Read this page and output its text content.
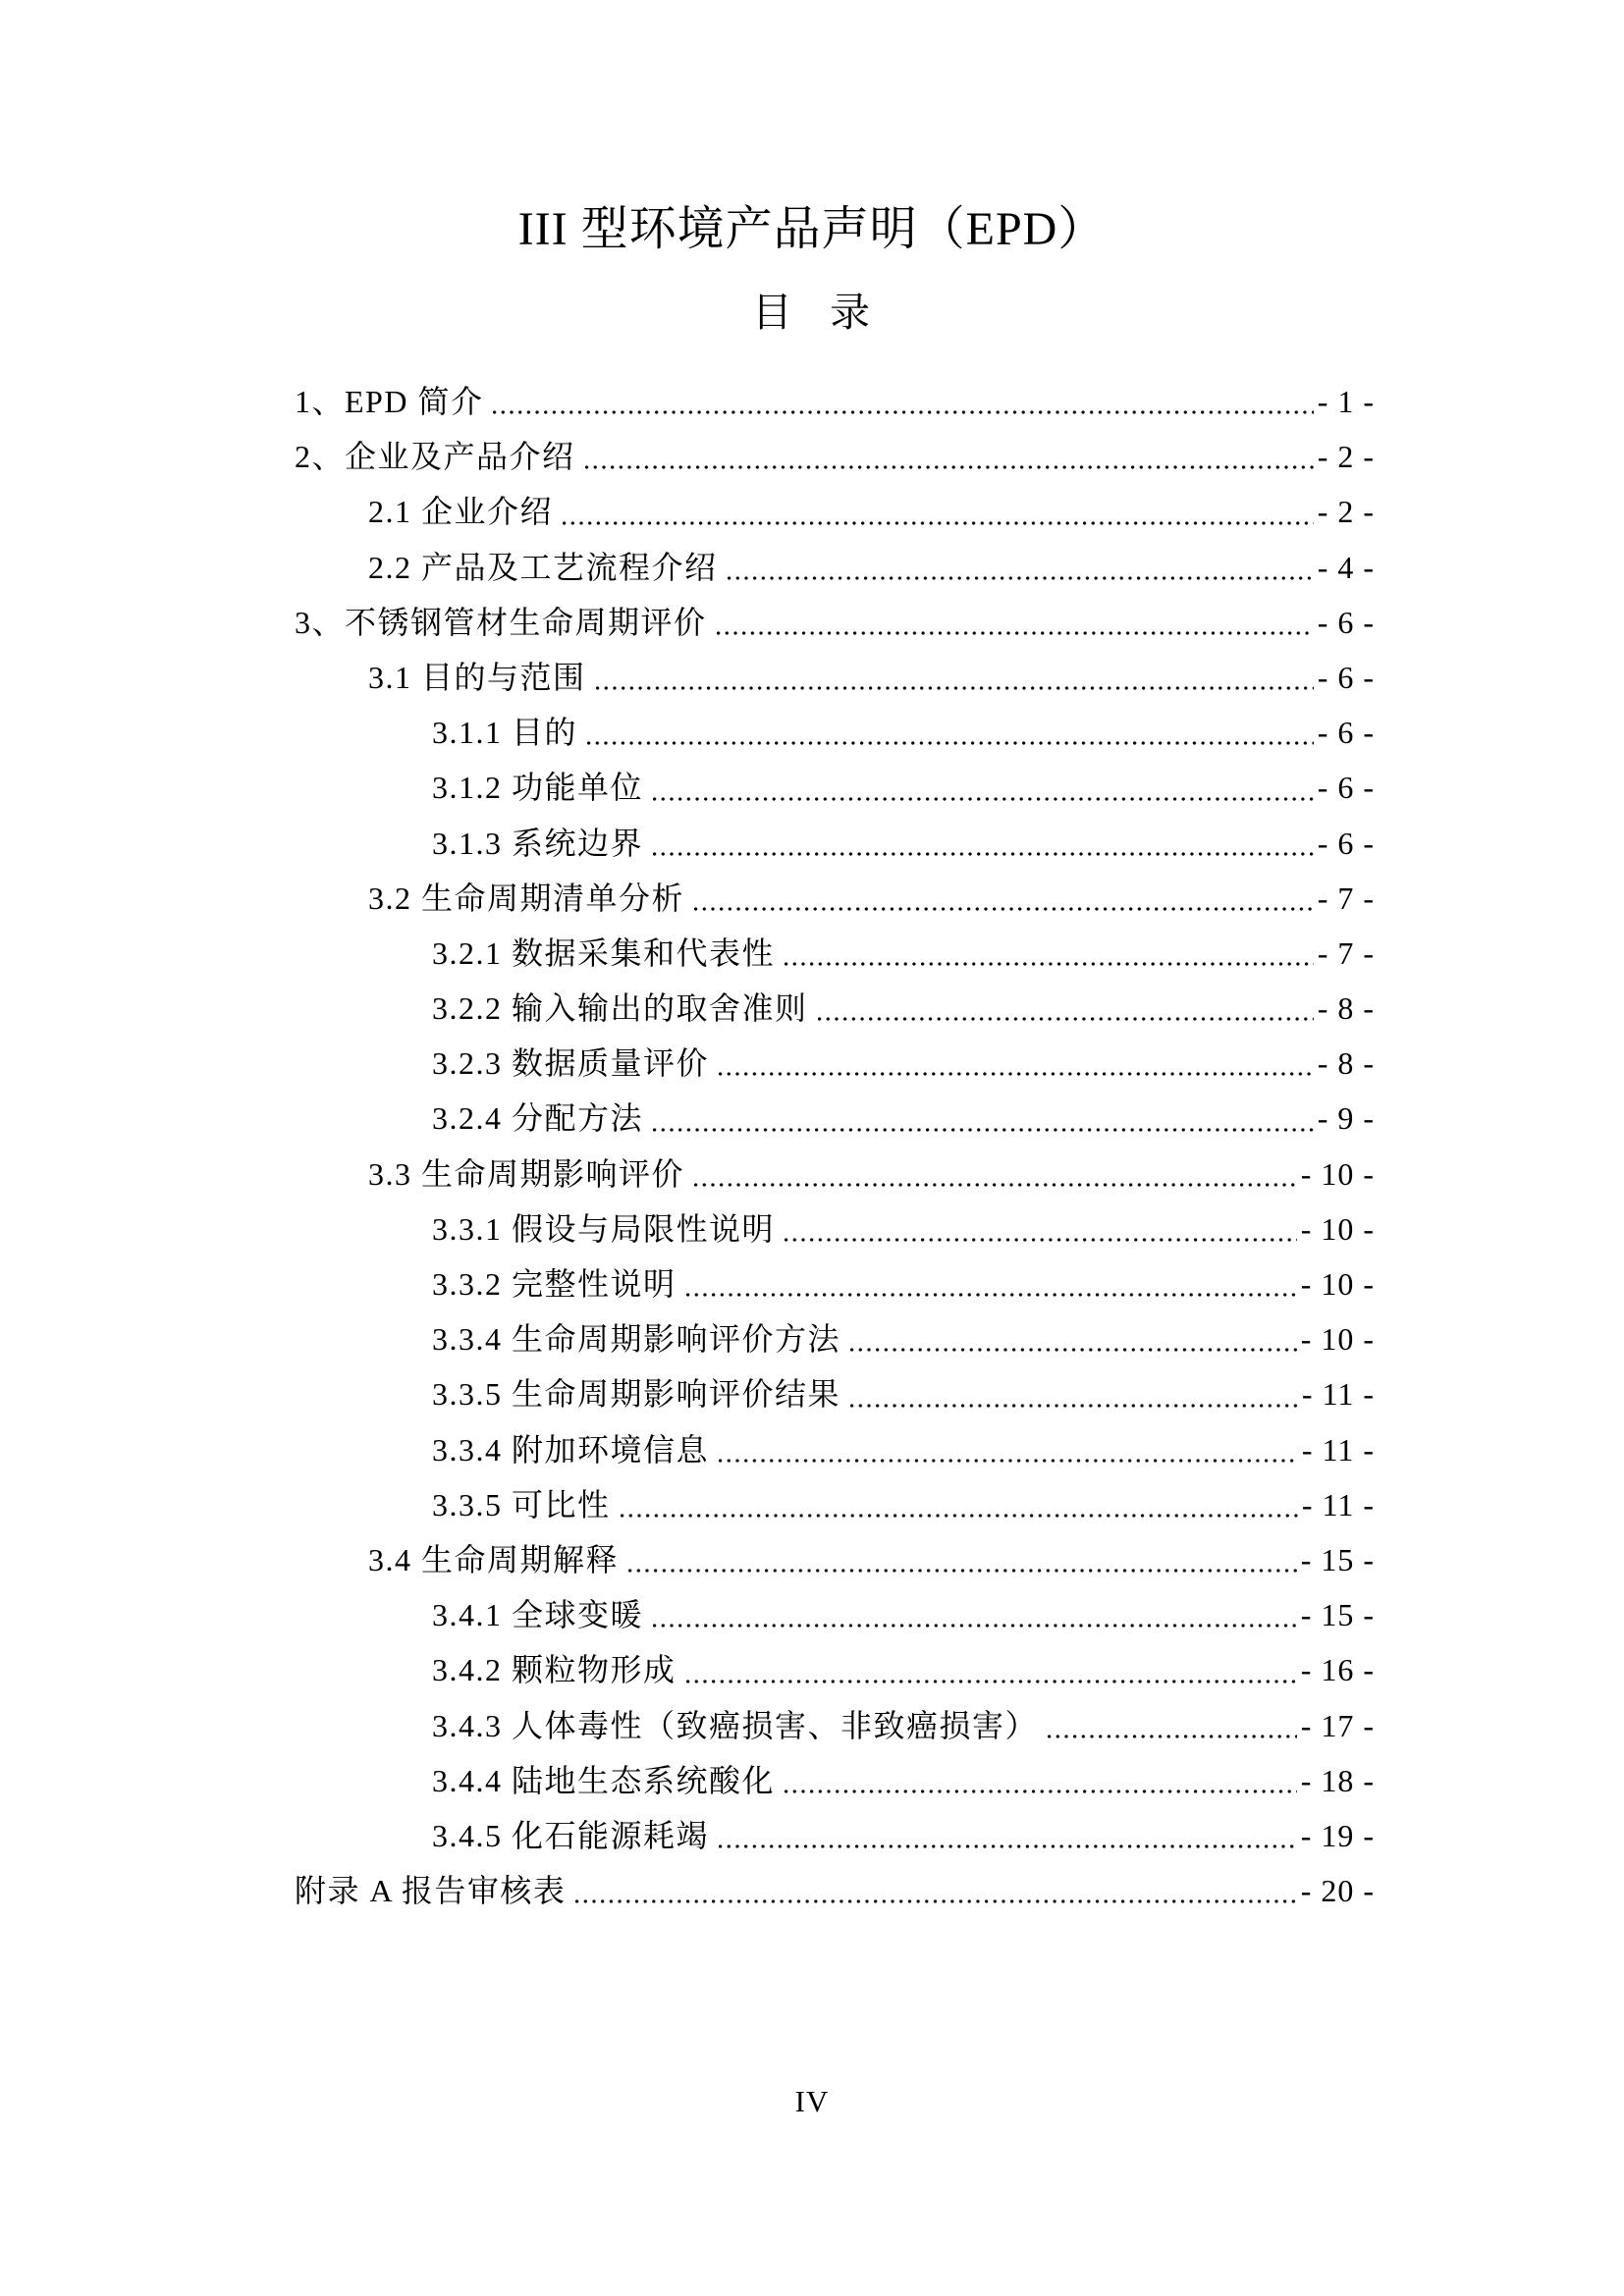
III 型环境产品声明（EPD）
目 录
1、EPD 简介	- 1 -
2、企业及产品介绍	- 2 -
2.1 企业介绍	- 2 -
2.2 产品及工艺流程介绍	- 4 -
3、不锈钢管材生命周期评价	- 6 -
3.1 目的与范围	- 6 -
3.1.1 目的	- 6 -
3.1.2 功能单位	- 6 -
3.1.3 系统边界	- 6 -
3.2 生命周期清单分析	- 7 -
3.2.1 数据采集和代表性	- 7 -
3.2.2 输入输出的取舍准则	- 8 -
3.2.3 数据质量评价	- 8 -
3.2.4 分配方法	- 9 -
3.3 生命周期影响评价	- 10 -
3.3.1 假设与局限性说明	- 10 -
3.3.2 完整性说明	- 10 -
3.3.4 生命周期影响评价方法	- 10 -
3.3.5 生命周期影响评价结果	- 11 -
3.3.4 附加环境信息	- 11 -
3.3.5 可比性	- 11 -
3.4 生命周期解释	- 15 -
3.4.1 全球变暖	- 15 -
3.4.2 颗粒物形成	- 16 -
3.4.3 人体毒性（致癌损害、非致癌损害）	- 17 -
3.4.4 陆地生态系统酸化	- 18 -
3.4.5 化石能源耗竭	- 19 -
附录 A 报告审核表	- 20 -
IV
